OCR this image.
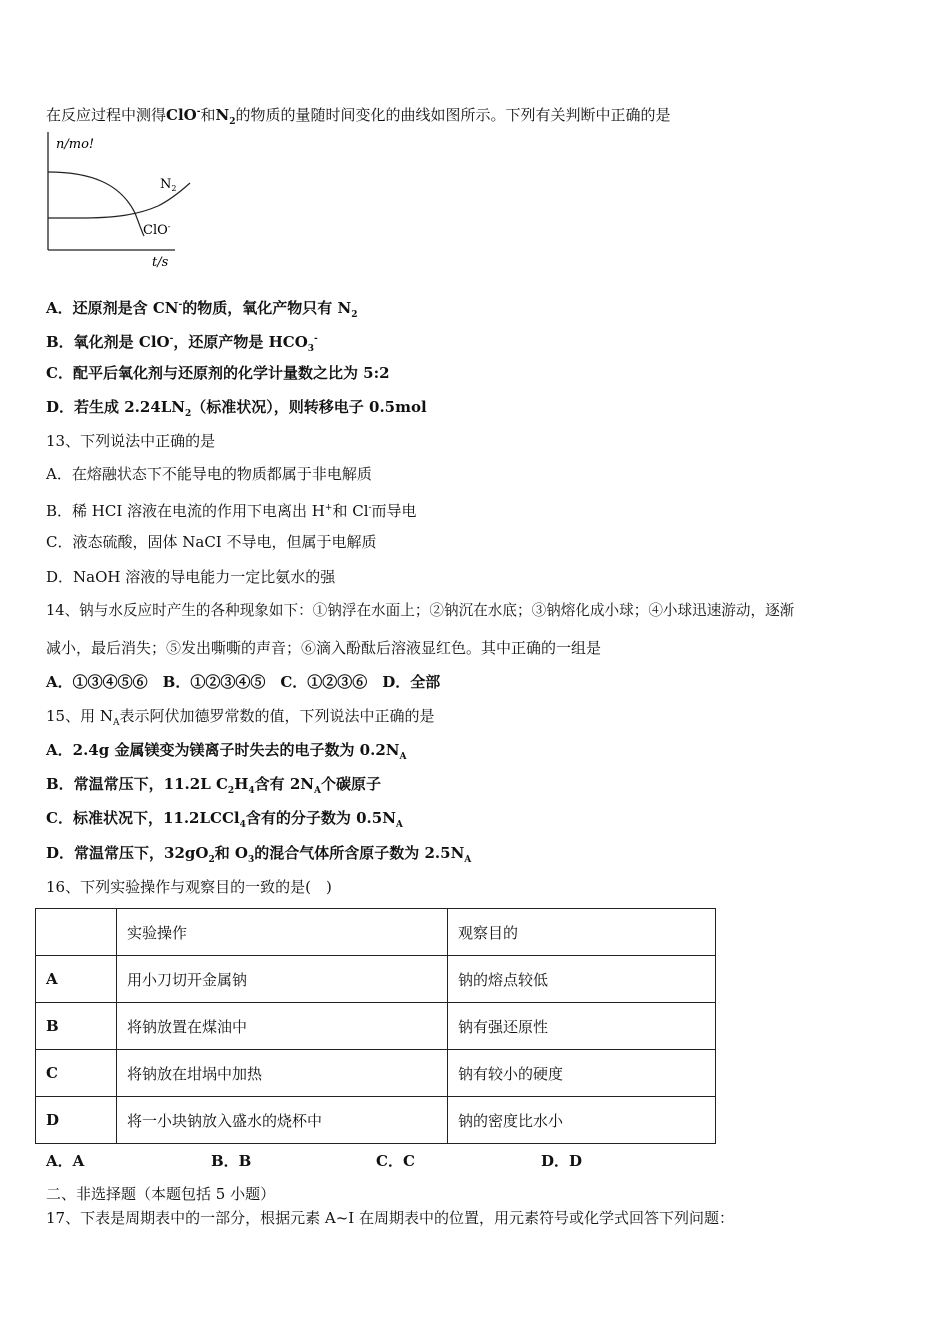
在反应过程中测得ClO-和$N_2$的物质的量随时间变化的曲线如图所示。下列有关判断中正确的是
n/mo!
$N_2$
ClO-
t/s
A．还原剂是含 CN-的物质，氧化产物只有 $N_2$
B．氧化剂是 ClO-，还原产物是 $HCO_3^-$
C．配平后氧化剂与还原剂的化学计量数之比为 5:2
D．若生成 $2.24LN_2$（标准状况），则转移电子 0.5mol
13、下列说法中正确的是
A．在熔融状态下不能导电的物质都属于非电解质
B．稀 HCI 溶液在电流的作用下电离出 H+和 Cl-而导电
C．液态硫酸，固体 NaCI 不导电，但属于电解质
D．NaOH 溶液的导电能力一定比氨水的强
14、钠与水反应时产生的各种现象如下：①钠浮在水面上；②钠沉在水底；③钠熔化成小球；④小球迅速游动，逐渐
减小，最后消失；⑤发出嘶嘶的声音；⑥滴入酚酞后溶液显红色。其中正确的一组是
A．①③④⑤⑥　B．①②③④⑤　C．①②③⑥　D．全部
15、用 $N_A$表示阿伏加德罗常数的值，下列说法中正确的是
A．2.4g 金属镁变为镁离子时失去的电子数为 $0.2N_A$
B．常温常压下，11.2L $C_2H_4$含有 $2N_A$个碳原子
C．标准状况下，11.2LCCl$_4$含有的分子数为 $0.5N_A$
D．常温常压下，$32gO_2$和 $O_3$的混合气体所含原子数为 $2.5N_A$
16、下列实验操作与观察目的一致的是(　)
	实验操作	观察目的
A	用小刀切开金属钠	钠的熔点较低
B	将钠放置在煤油中	钠有强还原性
C	将钠放在坩埚中加热	钠有较小的硬度
D	将一小块钠放入盛水的烧杯中	钠的密度比水小
A．A	B．B	C．C	D．D
二、非选择题（本题包括 5 小题）
17、下表是周期表中的一部分，根据元素 A~I 在周期表中的位置，用元素符号或化学式回答下列问题：
